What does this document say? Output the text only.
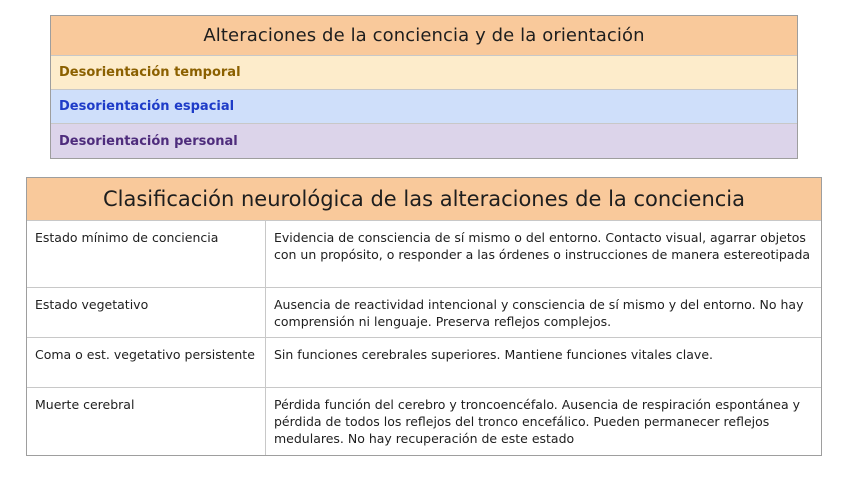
Alteraciones de la conciencia y de la orientación
Desorientación temporal
Desorientación espacial
Desorientación personal
Clasificación neurológica de las alteraciones de la conciencia
Estado mínimo de conciencia	Evidencia de consciencia de sí mismo o del entorno. Contacto visual, agarrar objetos con un propósito, o responder a las órdenes o instrucciones de manera estereotipada
Estado vegetativo	Ausencia de reactividad intencional y consciencia de sí mismo y del entorno. No hay comprensión ni lenguaje. Preserva reflejos complejos.
Coma o est. vegetativo persistente	Sin funciones cerebrales superiores. Mantiene funciones vitales clave.
Muerte cerebral	Pérdida función del cerebro y troncoencéfalo. Ausencia de respiración espontánea y pérdida de todos los reflejos del tronco encefálico. Pueden permanecer reflejos medulares. No hay recuperación de este estado
